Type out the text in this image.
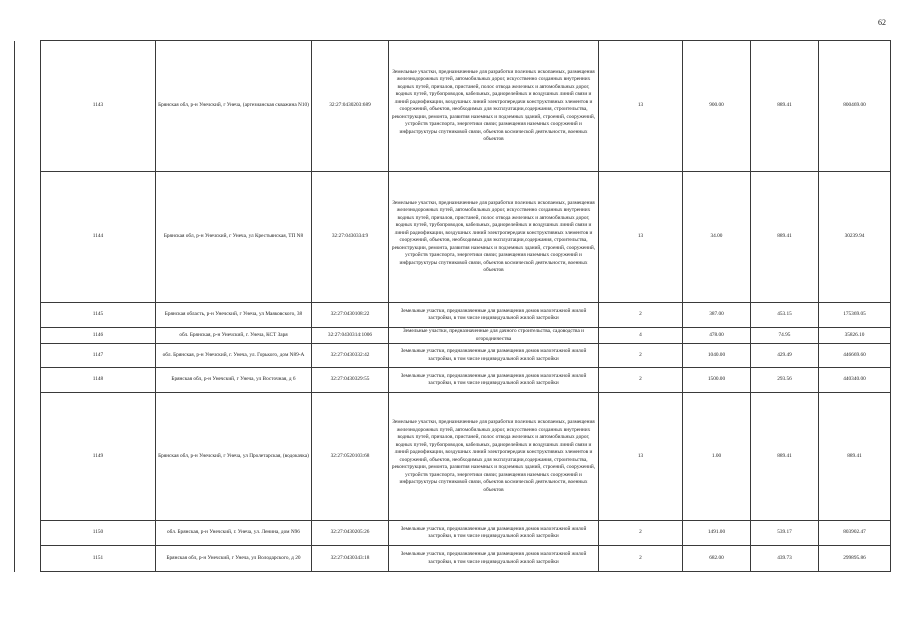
62
	1143	Брянская обл, р-н Унечский, г Унеча, (артезианская скважина N10)	32:27:0430203:689	Земельные участки, предназначенные для разработки полезных ископаемых, размещения железнодорожных путей, автомобильных дорог, искусственно созданных внутренних водных путей, причалов, пристаней, полос отвода железных и автомобильных дорог, водных путей, трубопроводов, кабельных, радиорелейных и воздушных линий связи и линий радиофикации, воздушных линий электропередачи конструктивных элементов и сооружений, объектов, необходимых для эксплуатации,содержания, строительства, реконструкции, ремонта, развития наземных и подземных зданий, строений, сооружений, устройств транспорта, энергетики связи; размещения наземных сооружений и инфраструктуры спутниковой связи, объектов космической деятельности, военных объектов	13	900.00	889.41	800469.00
	1144	Брянская обл, р-н Унечский, г Унеча, ул Крестьянская, ТП N8	32:27:0430334:9	Земельные участки, предназначенные для разработки полезных ископаемых, размещения железнодорожных путей, автомобильных дорог, искусственно созданных внутренних водных путей, причалов, пристаней, полос отвода железных и автомобильных дорог, водных путей, трубопроводов, кабельных, радиорелейных и воздушных линий связи и линий радиофикации, воздушных линий электропередачи конструктивных элементов и сооружений, объектов, необходимых для эксплуатации,содержания, строительства, реконструкции, ремонта, развития наземных и подземных зданий, строений, сооружений, устройств транспорта, энергетики связи; размещения наземных сооружений и инфраструктуры спутниковой связи, объектов космической деятельности, военных объектов	13	34.00	889.41	30239.94
	1145	Брянская область, р-н Унечский, г Унеча, ул Маяковского, 38	32:27:0430108:22	Земельные участки, предназначенные для размещения домов малоэтажной жилой застройки, в том числе индивидуальной жилой застройки	2	387.00	453.15	175369.05
	1146	обл. Брянская, р-н Унечский, г. Унеча, КСТ Заря	32:27:0430314:1006	Земельные участки, предназначенные для дачного строительства, садоводства и огородничества	4	478.00	74.95	35826.10
	1147	обл. Брянская, р-н Унечский, г. Унеча, ул. Горького, дом N89-А	32:27:0430332:42	Земельные участки, предназначенные для размещения домов малоэтажной жилой застройки, в том числе индивидуальной жилой застройки	2	1040.00	429.49	446669.60
	1148	Брянская обл, р-н Унечский, г Унеча, ул Восточная, д 6	32:27:0430329:55	Земельные участки, предназначенные для размещения домов малоэтажной жилой застройки, в том числе индивидуальной жилой застройки	2	1500.00	293.56	440340.00
	1149	Брянская обл, р-н Унечский, г Унеча, ул Пролетарская, (водокачка)	32:27:0520103:68	Земельные участки, предназначенные для разработки полезных ископаемых, размещения железнодорожных путей, автомобильных дорог, искусственно созданных внутренних водных путей, причалов, пристаней, полос отвода железных и автомобильных дорог, водных путей, трубопроводов, кабельных, радиорелейных и воздушных линий связи и линий радиофикации, воздушных линий электропередачи конструктивных элементов и сооружений, объектов, необходимых для эксплуатации,содержания, строительства, реконструкции, ремонта, развития наземных и подземных зданий, строений, сооружений, устройств транспорта, энергетики связи; размещения наземных сооружений и инфраструктуры спутниковой связи, объектов космической деятельности, военных объектов	13	1.00	889.41	889.41
	1150	обл. Брянская, р-н Унечский, г. Унеча, ул. Ленина, дом N96	32:27:0430205:26	Земельные участки, предназначенные для размещения домов малоэтажной жилой застройки, в том числе индивидуальной жилой застройки	2	1491.00	539.17	803902.47
	1151	Брянская обл, р-н Унечский, г Унеча, ул Володарского, д 20	32:27:0430343:18	Земельные участки, предназначенные для размещения домов малоэтажной жилой застройки, в том числе индивидуальной жилой застройки	2	682.00	439.73	299895.86
